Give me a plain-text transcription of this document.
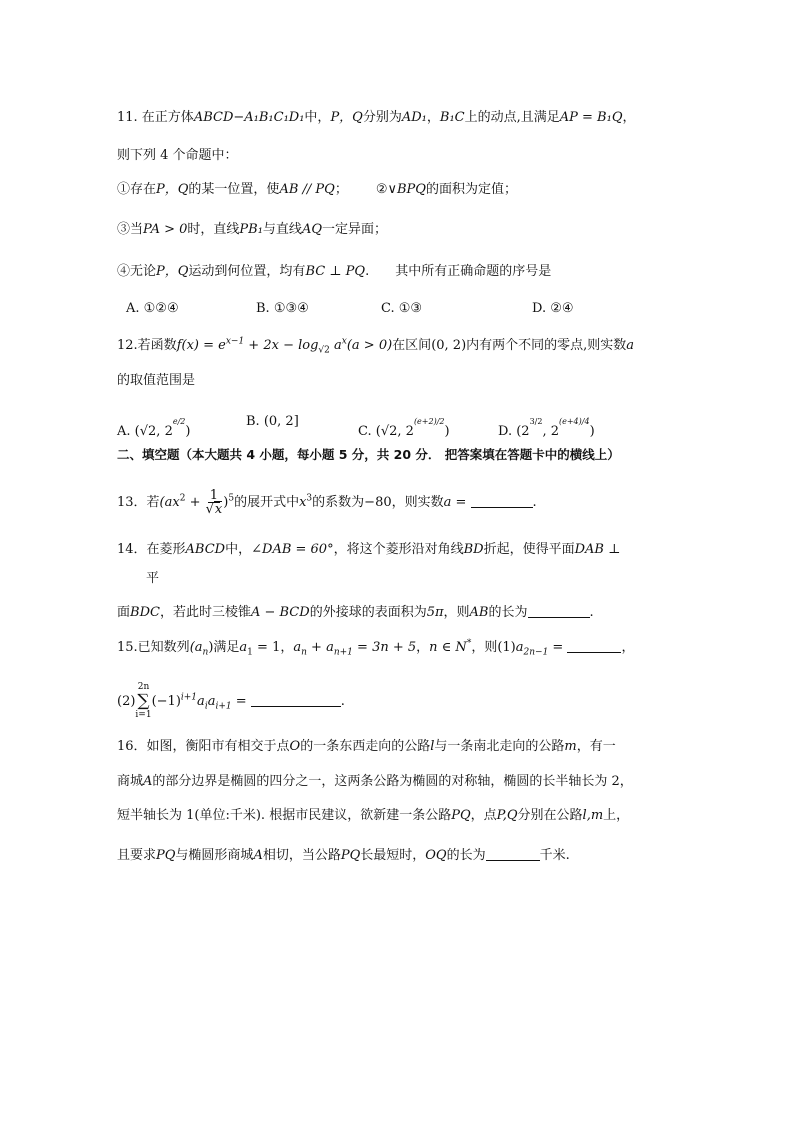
11. 在正方体ABCD−A₁B₁C₁D₁中，P，Q分别为AD₁，B₁C上的动点,且满足AP = B₁Q，
则下列 4 个命题中：
①存在P，Q的某一位置，使AB // PQ； ②∨BPQ的面积为定值；
③当PA > 0时，直线PB₁与直线AQ一定异面；
④无论P，Q运动到何位置，均有BC ⊥ PQ.　　其中所有正确命题的序号是
A. ①②④	B. ①③④	C. ①③	D. ②④
12.若函数$f(x) = e^{x-1} + 2x - \log_{√2} a^x(a > 0)$在区间(0, 2)内有两个不同的零点,则实数a
的取值范围是
A. (√2, $2^{e/2}$)
B. (0, 2]
C. (√2, $2^{(e+2)/2}$)	D. ($2^{3/2}$, $2^{(e+4)/4}$)
二、填空题（本大题共 4 小题，每小题 5 分，共 20 分． 把答案填在答题卡中的横线上）
13．若$(ax^2 + \frac{1}{√x} )^5$的展开式中$x^3$的系数为−80，则实数a =	.
14．在菱形ABCD中，∠DAB = 60°，将这个菱形沿对角线BD折起，使得平面DAB ⊥
平
面BDC，若此时三棱锥A − BCD的外接球的表面积为5π，则AB的长为	.
15.已知数列$(a_n)$满足$a_1 = 1$，$a_n + a_{n+1} = 3n + 5$，n ∈ N*，则$(1)a_{2n-1}$ =	，
(2)
2n
∑
i=1
$(-1)^{i+1}a_ia_{i+1}$ =	.
16．如图，衡阳市有相交于点O的一条东西走向的公路l与一条南北走向的公路m，有一
商城A的部分边界是椭圆的四分之一，这两条公路为椭圆的对称轴，椭圆的长半轴长为 2，
短半轴长为 1(单位:千米). 根据市民建议，欲新建一条公路PQ，点P,Q分别在公路l,m上，
且要求PQ与椭圆形商城A相切，当公路PQ长最短时，OQ的长为	千米.
